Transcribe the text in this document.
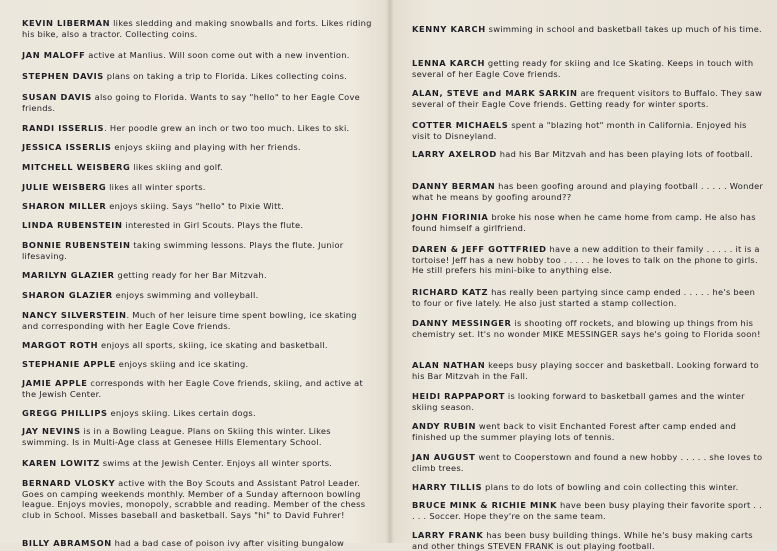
KEVIN LIBERMAN likes sledding and making snowballs and forts. Likes riding his bike, also a tractor. Collecting coins.

JAN MALOFF active at Manlius. Will soon come out with a new invention.

STEPHEN DAVIS plans on taking a trip to Florida. Likes collecting coins.

SUSAN DAVIS also going to Florida. Wants to say "hello" to her Eagle Cove friends.

RANDI ISSERLIS. Her poodle grew an inch or two too much. Likes to ski.

JESSICA ISSERLIS enjoys skiing and playing with her friends.

MITCHELL WEISBERG likes skiing and golf.

JULIE WEISBERG likes all winter sports.

SHARON MILLER enjoys skiing. Says "hello" to Pixie Witt.

LINDA RUBENSTEIN interested in Girl Scouts. Plays the flute.

BONNIE RUBENSTEIN taking swimming lessons. Plays the flute. Junior lifesaving.

MARILYN GLAZIER getting ready for her Bar Mitzvah.

SHARON GLAZIER enjoys swimming and volleyball.

NANCY SILVERSTEIN. Much of her leisure time spent bowling, ice skating and corresponding with her Eagle Cove friends.

MARGOT ROTH enjoys all sports, skiing, ice skating and basketball.

STEPHANIE APPLE enjoys skiing and ice skating.

JAMIE APPLE corresponds with her Eagle Cove friends, skiing, and active at the Jewish Center.

GREGG PHILLIPS enjoys skiing. Likes certain dogs.

JAY NEVINS is in a Bowling League. Plans on Skiing this winter. Likes swimming. Is in Multi-Age class at Genesee Hills Elementary School.

KAREN LOWITZ swims at the Jewish Center. Enjoys all winter sports.

BERNARD VLOSKY active with the Boy Scouts and Assistant Patrol Leader. Goes on camping weekends monthly. Member of a Sunday afternoon bowling league. Enjoys movies, monopoly, scrabble and reading. Member of the chess club in School. Misses baseball and basketball. Says "hi" to David Fuhrer!

BILLY ABRAMSON had a bad case of poison ivy after visiting bungalow

KENNY KARCH swimming in school and basketball takes up much of his time.

LENNA KARCH getting ready for skiing and Ice Skating. Keeps in touch with several of her Eagle Cove friends.

ALAN, STEVE and MARK SARKIN are frequent visitors to Buffalo. They saw several of their Eagle Cove friends. Getting ready for winter sports.

COTTER MICHAELS spent a "blazing hot" month in California. Enjoyed his visit to Disneyland.

LARRY AXELROD had his Bar Mitzvah and has been playing lots of football.

DANNY BERMAN has been goofing around and playing football . . . . . Wonder what he means by goofing around??

JOHN FIORINIA broke his nose when he came home from camp. He also has found himself a girlfriend.

DAREN & JEFF GOTTFRIED have a new addition to their family . . . . . it is a tortoise! Jeff has a new hobby too . . . . . he loves to talk on the phone to girls. He still prefers his mini-bike to anything else.

RICHARD KATZ has really been partying since camp ended . . . . . he's been to four or five lately. He also just started a stamp collection.

DANNY MESSINGER is shooting off rockets, and blowing up things from his chemistry set. It's no wonder MIKE MESSINGER says he's going to Florida soon!

ALAN NATHAN keeps busy playing soccer and basketball. Looking forward to his Bar Mitzvah in the Fall.

HEIDI RAPPAPORT is looking forward to basketball games and the winter skiing season.

ANDY RUBIN went back to visit Enchanted Forest after camp ended and finished up the summer playing lots of tennis.

JAN AUGUST went to Cooperstown and found a new hobby . . . . . she loves to climb trees.

HARRY TILLIS plans to do lots of bowling and coin collecting this winter.

BRUCE MINK & RICHIE MINK have been busy playing their favorite sport . . . . . Soccer. Hope they're on the same team.

LARRY FRANK has been busy building things. While he's busy making carts and other things STEVEN FRANK is out playing football.
